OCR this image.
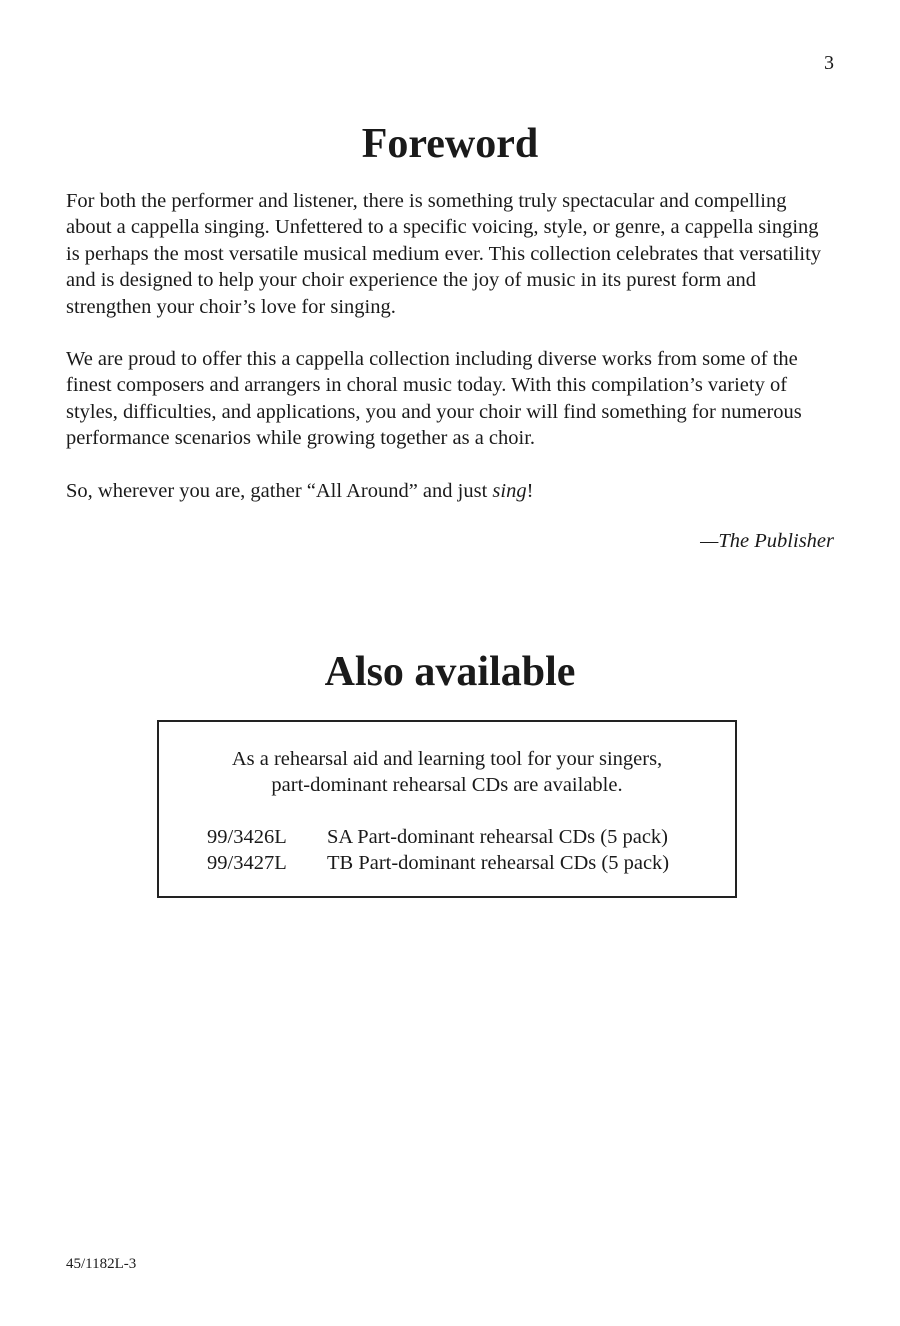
3
Foreword

For both the performer and listener, there is something truly spectacular and compelling about a cappella singing. Unfettered to a specific voicing, style, or genre, a cappella singing is perhaps the most versatile musical medium ever. This collection celebrates that versatility and is designed to help your choir experience the joy of music in its purest form and strengthen your choir’s love for singing.

We are proud to offer this a cappella collection including diverse works from some of the finest composers and arrangers in choral music today. With this compilation’s variety of styles, difficulties, and applications, you and your choir will find something for numerous performance scenarios while growing together as a choir.

So, wherever you are, gather “All Around” and just sing!

—The Publisher
Also available
As a rehearsal aid and learning tool for your singers,
part-dominant rehearsal CDs are available.
99/3426L	SA Part-dominant rehearsal CDs (5 pack)
99/3427L	TB Part-dominant rehearsal CDs (5 pack)
45/1182L-3
